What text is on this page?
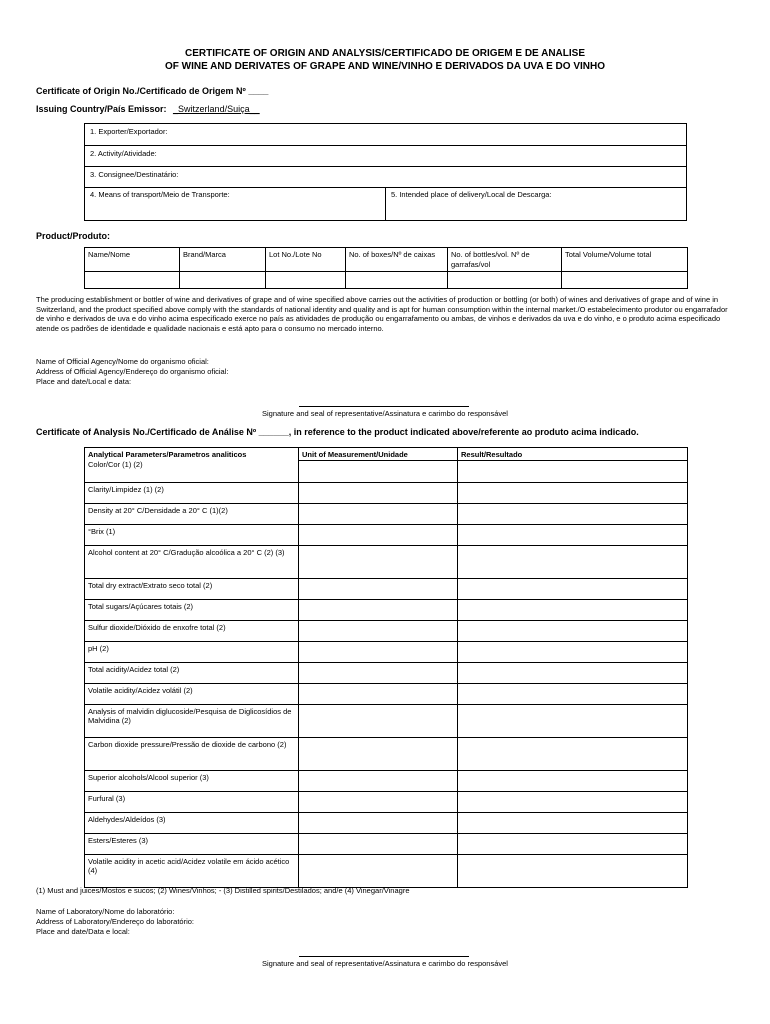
CERTIFICATE OF ORIGIN AND ANALYSIS/CERTIFICADO DE ORIGEM E DE ANALISE
OF WINE AND DERIVATES OF GRAPE AND WINE/VINHO E DERIVADOS DA UVA E DO VINHO
Certificate of Origin No./Certificado de Origem Nº ____
Issuing Country/País Emissor: _Switzerland/Suiça__
1. Exporter/Exportador:
2. Activity/Atividade:
3. Consignee/Destinatário:
4. Means of transport/Meio de Transporte:	5. Intended place of delivery/Local de Descarga:
Product/Produto:
Name/Nome	Brand/Marca	Lot No./Lote No	No. of boxes/Nº de caixas	No. of bottles/vol. Nº de garrafas/vol	Total Volume/Volume total

The producing establishment or bottler of wine and derivatives of grape and of wine specified above carries out the activities of production or bottling (or both) of wines and derivatives of grape and of wine in Switzerland, and the product specified above comply with the standards of national identity and quality and is apt for human consumption within the internal market./O estabelecimento produtor ou engarrafador de vinho e derivados de uva e do vinho acima especificado exerce no país as atividades de produção ou engarrafamento ou ambas, de vinhos e derivados da uva e do vinho, e o produto acima especificado atende os padrões de identidade e qualidade nacionais e está apto para o consumo no mercado interno.
Name of Official Agency/Nome do organismo oficial:
Address of Official Agency/Endereço do organismo oficial:
Place and date/Local e data:
Signature and seal of representative/Assinatura e carimbo do responsável
Certificate of Analysis No./Certificado de Análise Nº ______, in reference to the product indicated above/referente ao produto acima indicado.
Analytical Parameters/Parametros analiticos	Unit of Measurement/Unidade	Result/Resultado
Color/Cor (1) (2)		
Clarity/Limpidez (1) (2)		
Density at 20° C/Densidade a 20° C (1)(2)		
°Brix (1)		
Alcohol content at 20° C/Gradução alcoólica a 20° C (2) (3)		
Total dry extract/Extrato seco total (2)		
Total sugars/Açúcares totais (2)		
Sulfur dioxide/Dióxido de enxofre total (2)		
pH (2)		
Total acidity/Acidez total (2)		
Volatile acidity/Acidez volátil (2)		
Analysis of malvidin diglucoside/Pesquisa de Diglicosídios de Malvidina (2)		
Carbon dioxide pressure/Pressão de dioxide de carbono (2)		
Superior alcohols/Alcool superior (3)		
Furfural (3)		
Aldehydes/Aldeídos (3)		
Esters/Esteres (3)		
Volatile acidity in acetic acid/Acidez volatile em ácido acético (4)		
(1) Must and juices/Mostos e sucos; (2) Wines/Vinhos; - (3) Distilled spirits/Destilados; and/e (4) Vinegar/Vinagre
Name of Laboratory/Nome do laboratório:
Address of Laboratory/Endereço do laboratório:
Place and date/Data e local:
Signature and seal of representative/Assinatura e carimbo do responsável
